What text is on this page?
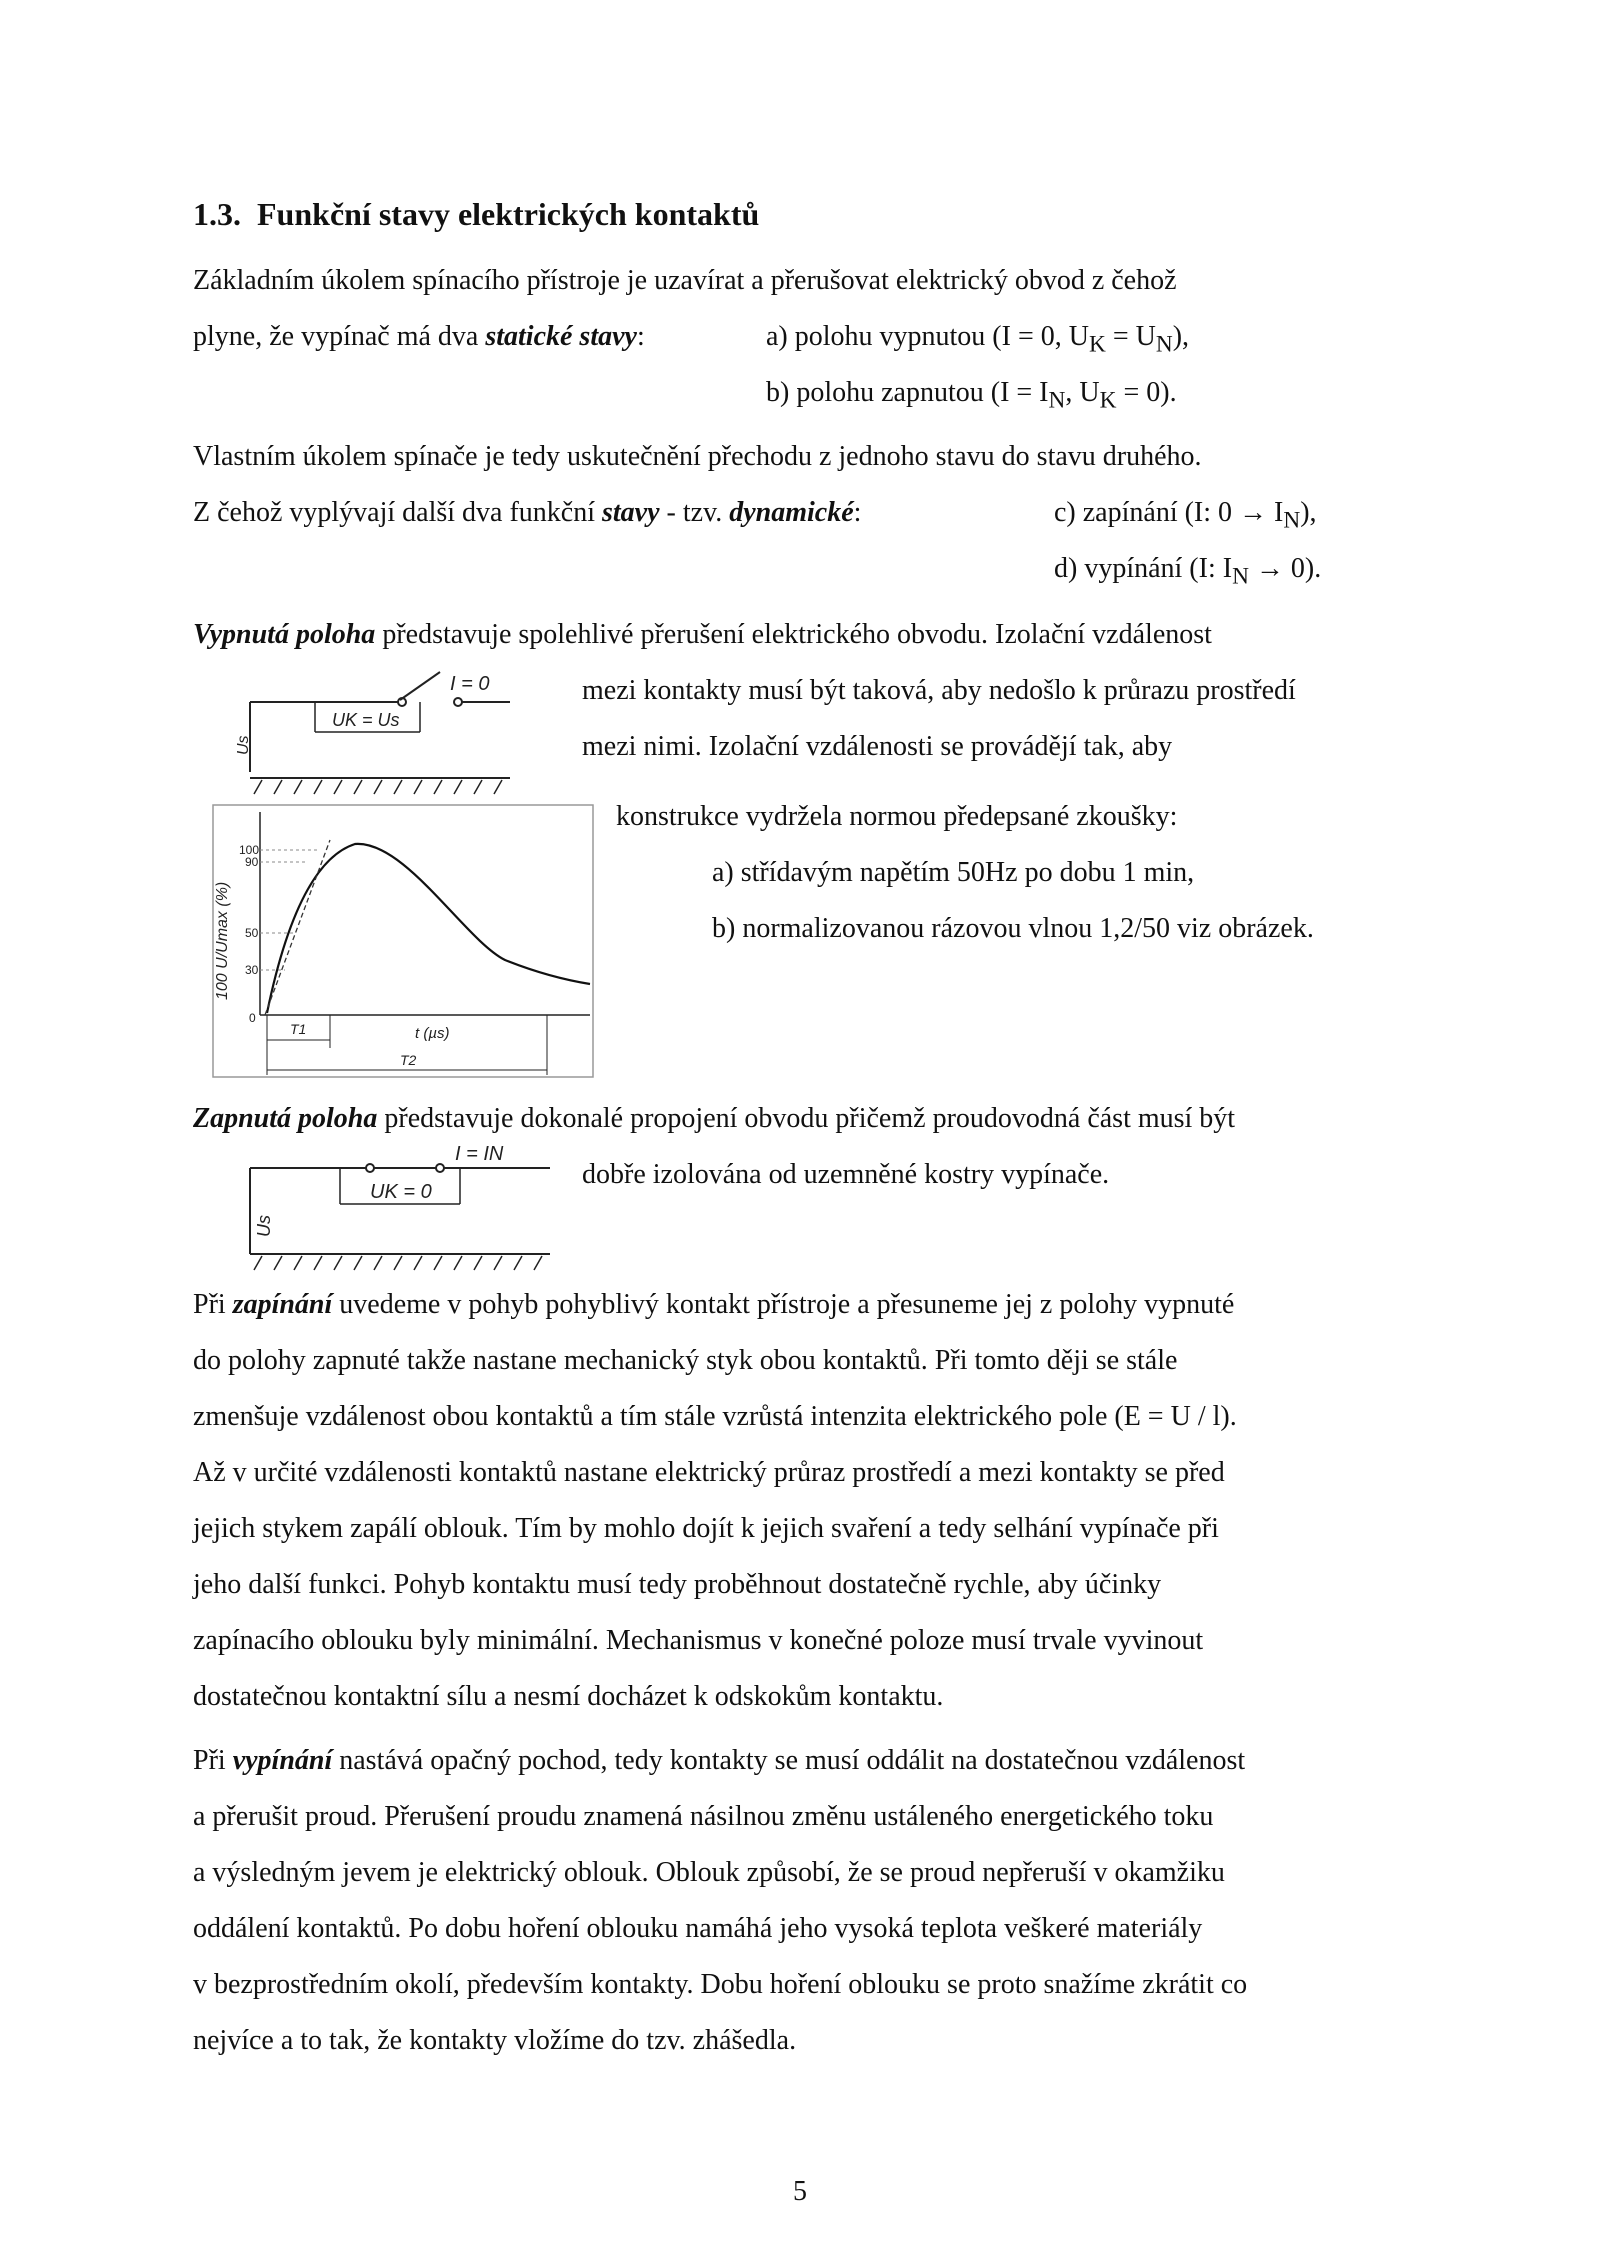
1.3. Funkční stavy elektrických kontaktů
Základním úkolem spínacího přístroje je uzavírat a přerušovat elektrický obvod z čehož
plyne, že vypínač má dva statické stavy:	a) polohu vypnutou (I = 0, $U_K = U_N$),
b) polohu zapnutou ($I = I_N$, $U_K = 0$).
Vlastním úkolem spínače je tedy uskutečnění přechodu z jednoho stavu do stavu druhého.
Z čehož vyplývají další dva funkční stavy - tzv. dynamické:	c) zapínání (I: $0 \to I_N$),
d) vypínání (I: $I_N \to 0$).
Vypnutá poloha představuje spolehlivé přerušení elektrického obvodu. Izolační vzdálenost
mezi kontakty musí být taková, aby nedošlo k průrazu prostředí
mezi nimi. Izolační vzdálenosti se provádějí tak, aby
konstrukce vydržela normou předepsané zkoušky:
a) střídavým napětím 50Hz po dobu 1 min,
b) normalizovanou rázovou vlnou 1,2/50 viz obrázek.
I = 0
UK = Us
Us
100
90
50
30
0
100 U/Umax (%)
T1
T2
t (µs)
Zapnutá poloha představuje dokonalé propojení obvodu přičemž proudovodná část musí být
dobře izolována od uzemněné kostry vypínače.
I = IN
UK = 0
Us
Při zapínání uvedeme v pohyb pohyblivý kontakt přístroje a přesuneme jej z polohy vypnuté
do polohy zapnuté takže nastane mechanický styk obou kontaktů. Při tomto ději se stále
zmenšuje vzdálenost obou kontaktů a tím stále vzrůstá intenzita elektrického pole (E = U / l).
Až v určité vzdálenosti kontaktů nastane elektrický průraz prostředí a mezi kontakty se před
jejich stykem zapálí oblouk. Tím by mohlo dojít k jejich svaření a tedy selhání vypínače při
jeho další funkci. Pohyb kontaktu musí tedy proběhnout dostatečně rychle, aby účinky
zapínacího oblouku byly minimální. Mechanismus v konečné poloze musí trvale vyvinout
dostatečnou kontaktní sílu a nesmí docházet k odskokům kontaktu.
Při vypínání nastává opačný pochod, tedy kontakty se musí oddálit na dostatečnou vzdálenost
a přerušit proud. Přerušení proudu znamená násilnou změnu ustáleného energetického toku
a výsledným jevem je elektrický oblouk. Oblouk způsobí, že se proud nepřeruší v okamžiku
oddálení kontaktů. Po dobu hoření oblouku namáhá jeho vysoká teplota veškeré materiály
v bezprostředním okolí, především kontakty. Dobu hoření oblouku se proto snažíme zkrátit co
nejvíce a to tak, že kontakty vložíme do tzv. zhášedla.
5
